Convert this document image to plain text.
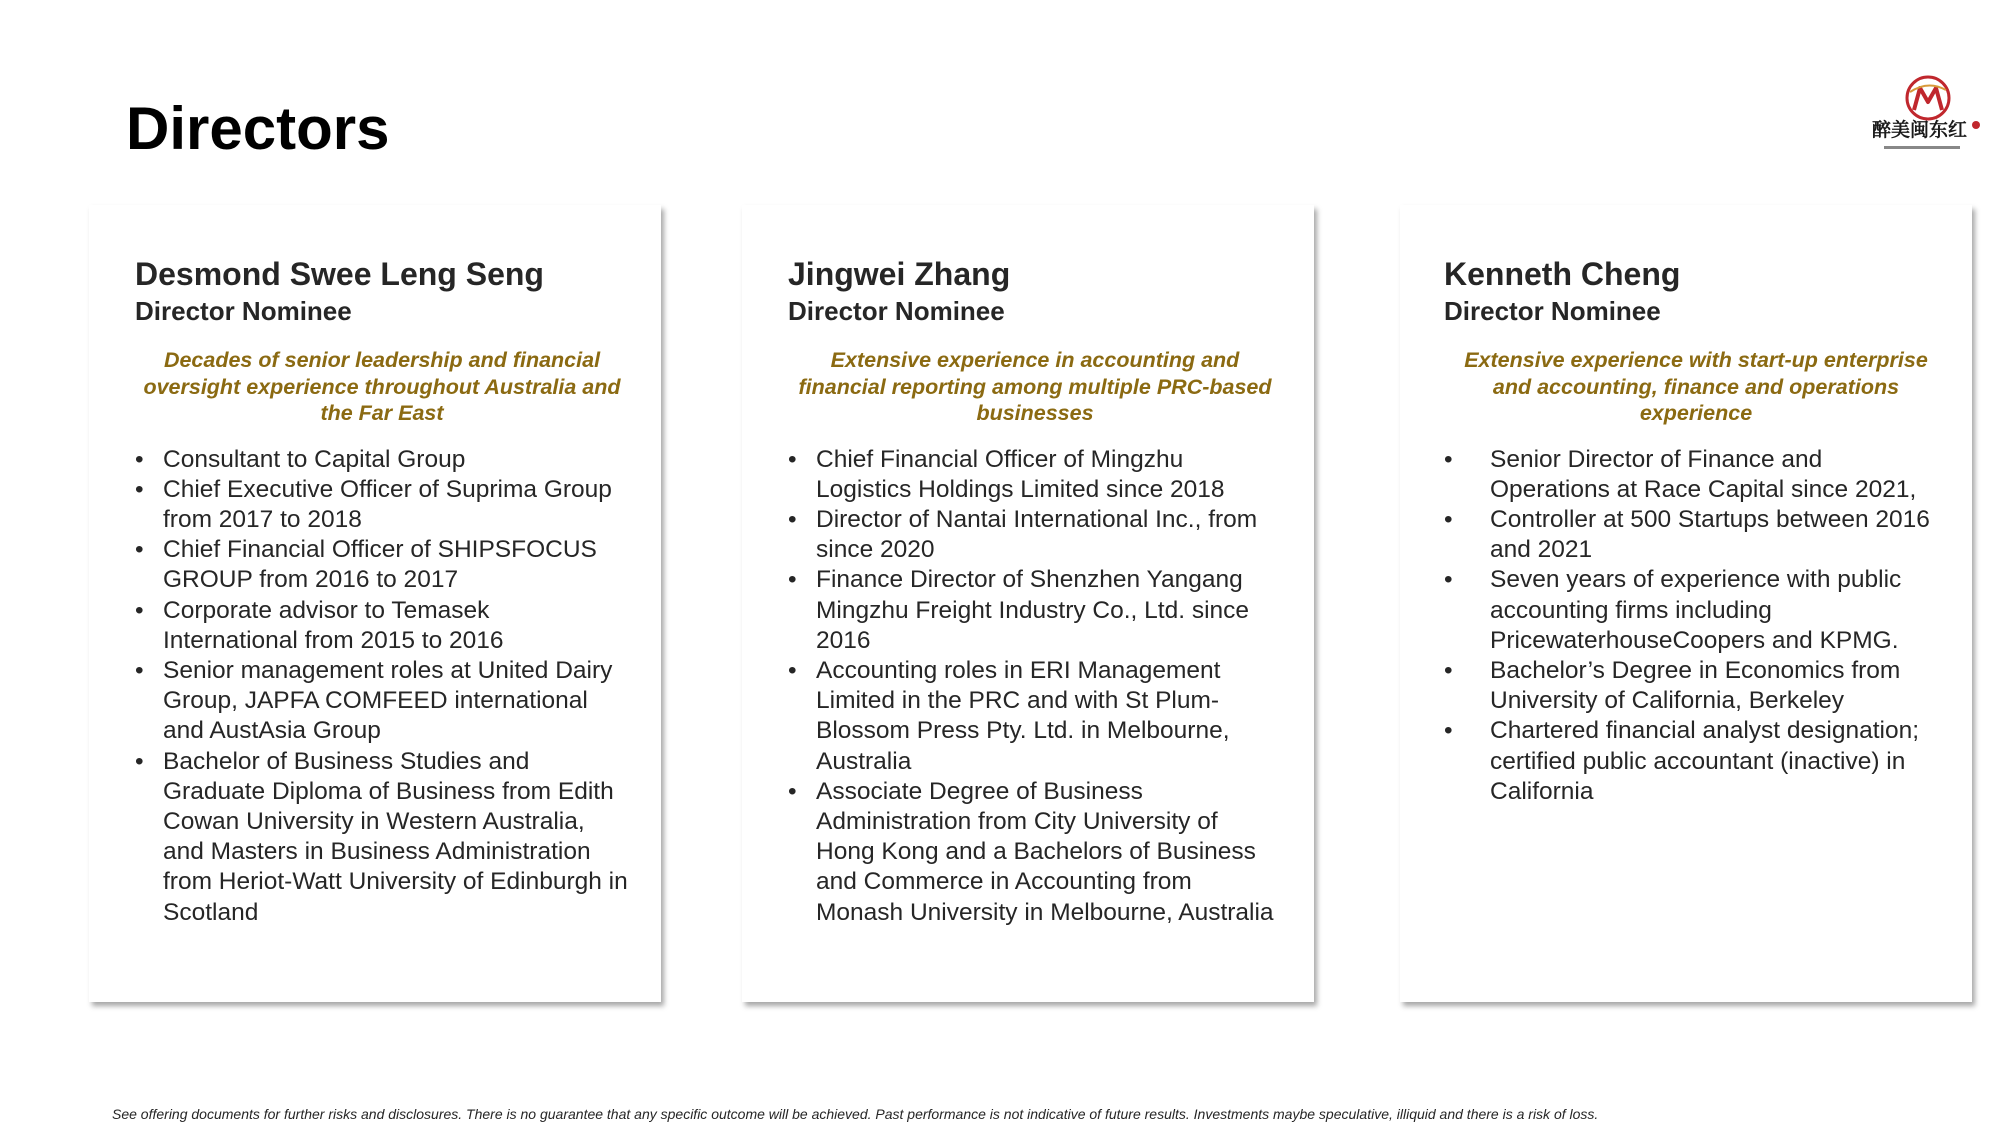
Directors	醉美闽东红
Desmond Swee Leng Seng
Director Nominee
Decades of senior leadership and financial oversight experience throughout Australia and the Far East
• Consultant to Capital Group
• Chief Executive Officer of Suprima Group from 2017 to 2018
• Chief Financial Officer of SHIPSFOCUS GROUP from 2016 to 2017
• Corporate advisor to Temasek International from 2015 to 2016
• Senior management roles at United Dairy Group, JAPFA COMFEED international and AustAsia Group
• Bachelor of Business Studies and Graduate Diploma of Business from Edith Cowan University in Western Australia, and Masters in Business Administration from Heriot-Watt University of Edinburgh in Scotland
Jingwei Zhang
Director Nominee
Extensive experience in accounting and financial reporting among multiple PRC-based businesses
• Chief Financial Officer of Mingzhu Logistics Holdings Limited since 2018
• Director of Nantai International Inc., from since 2020
• Finance Director of Shenzhen Yangang Mingzhu Freight Industry Co., Ltd. since 2016
• Accounting roles in ERI Management Limited in the PRC and with St Plum-Blossom Press Pty. Ltd. in Melbourne, Australia
• Associate Degree of Business Administration from City University of Hong Kong and a Bachelors of Business and Commerce in Accounting from Monash University in Melbourne, Australia
Kenneth Cheng
Director Nominee
Extensive experience with start-up enterprise and accounting, finance and operations experience
• Senior Director of Finance and Operations at Race Capital since 2021,
• Controller at 500 Startups between 2016 and 2021
• Seven years of experience with public accounting firms including PricewaterhouseCoopers and KPMG.
• Bachelor’s Degree in Economics from University of California, Berkeley
• Chartered financial analyst designation; certified public accountant (inactive) in California
See offering documents for further risks and disclosures. There is no guarantee that any specific outcome will be achieved. Past performance is not indicative of future results. Investments maybe speculative, illiquid and there is a risk of loss.
